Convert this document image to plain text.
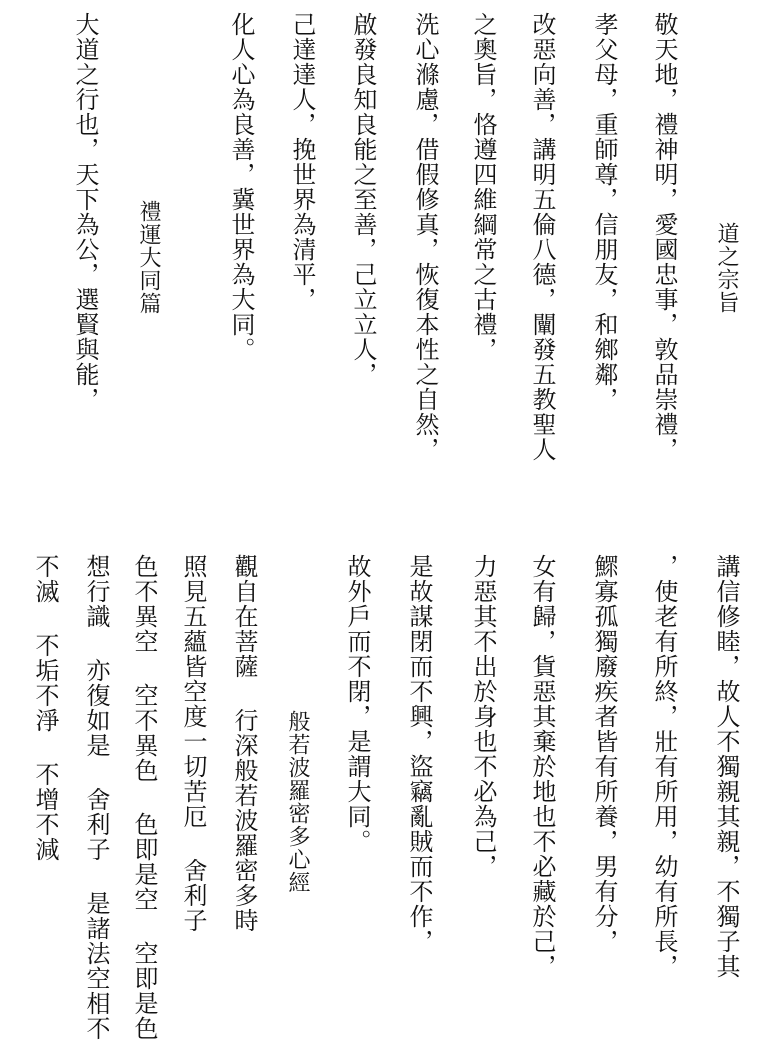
道之宗旨
敬天地，禮神明，愛國忠事，敦品崇禮，
孝父母，重師尊，信朋友，和鄉鄰，
改惡向善，講明五倫八德，闡發五教聖人
之奧旨，恪遵四維綱常之古禮，
洗心滌慮，借假修真，恢復本性之自然，
啟發良知良能之至善，己立立人，
己達達人，挽世界為清平，
化人心為良善，冀世界為大同。
禮運大同篇
大道之行也，天下為公，選賢與能，
講信修睦，故人不獨親其親，不獨子其
，使老有所終，壯有所用，幼有所長，
鰥寡孤獨廢疾者皆有所養，男有分，
女有歸，貨惡其棄於地也不必藏於己，
力惡其不出於身也不必為己，
是故謀閉而不興，盜竊亂賊而不作，
故外戶而不閉，是謂大同。
般若波羅密多心經
觀自在菩薩 行深般若波羅密多時
照見五蘊皆空度一切苦厄 舍利子
色不異空 空不異色 色即是空 空即是色
想行識 亦復如是 舍利子 是諸法空相不
不滅 不垢不淨 不增不減
